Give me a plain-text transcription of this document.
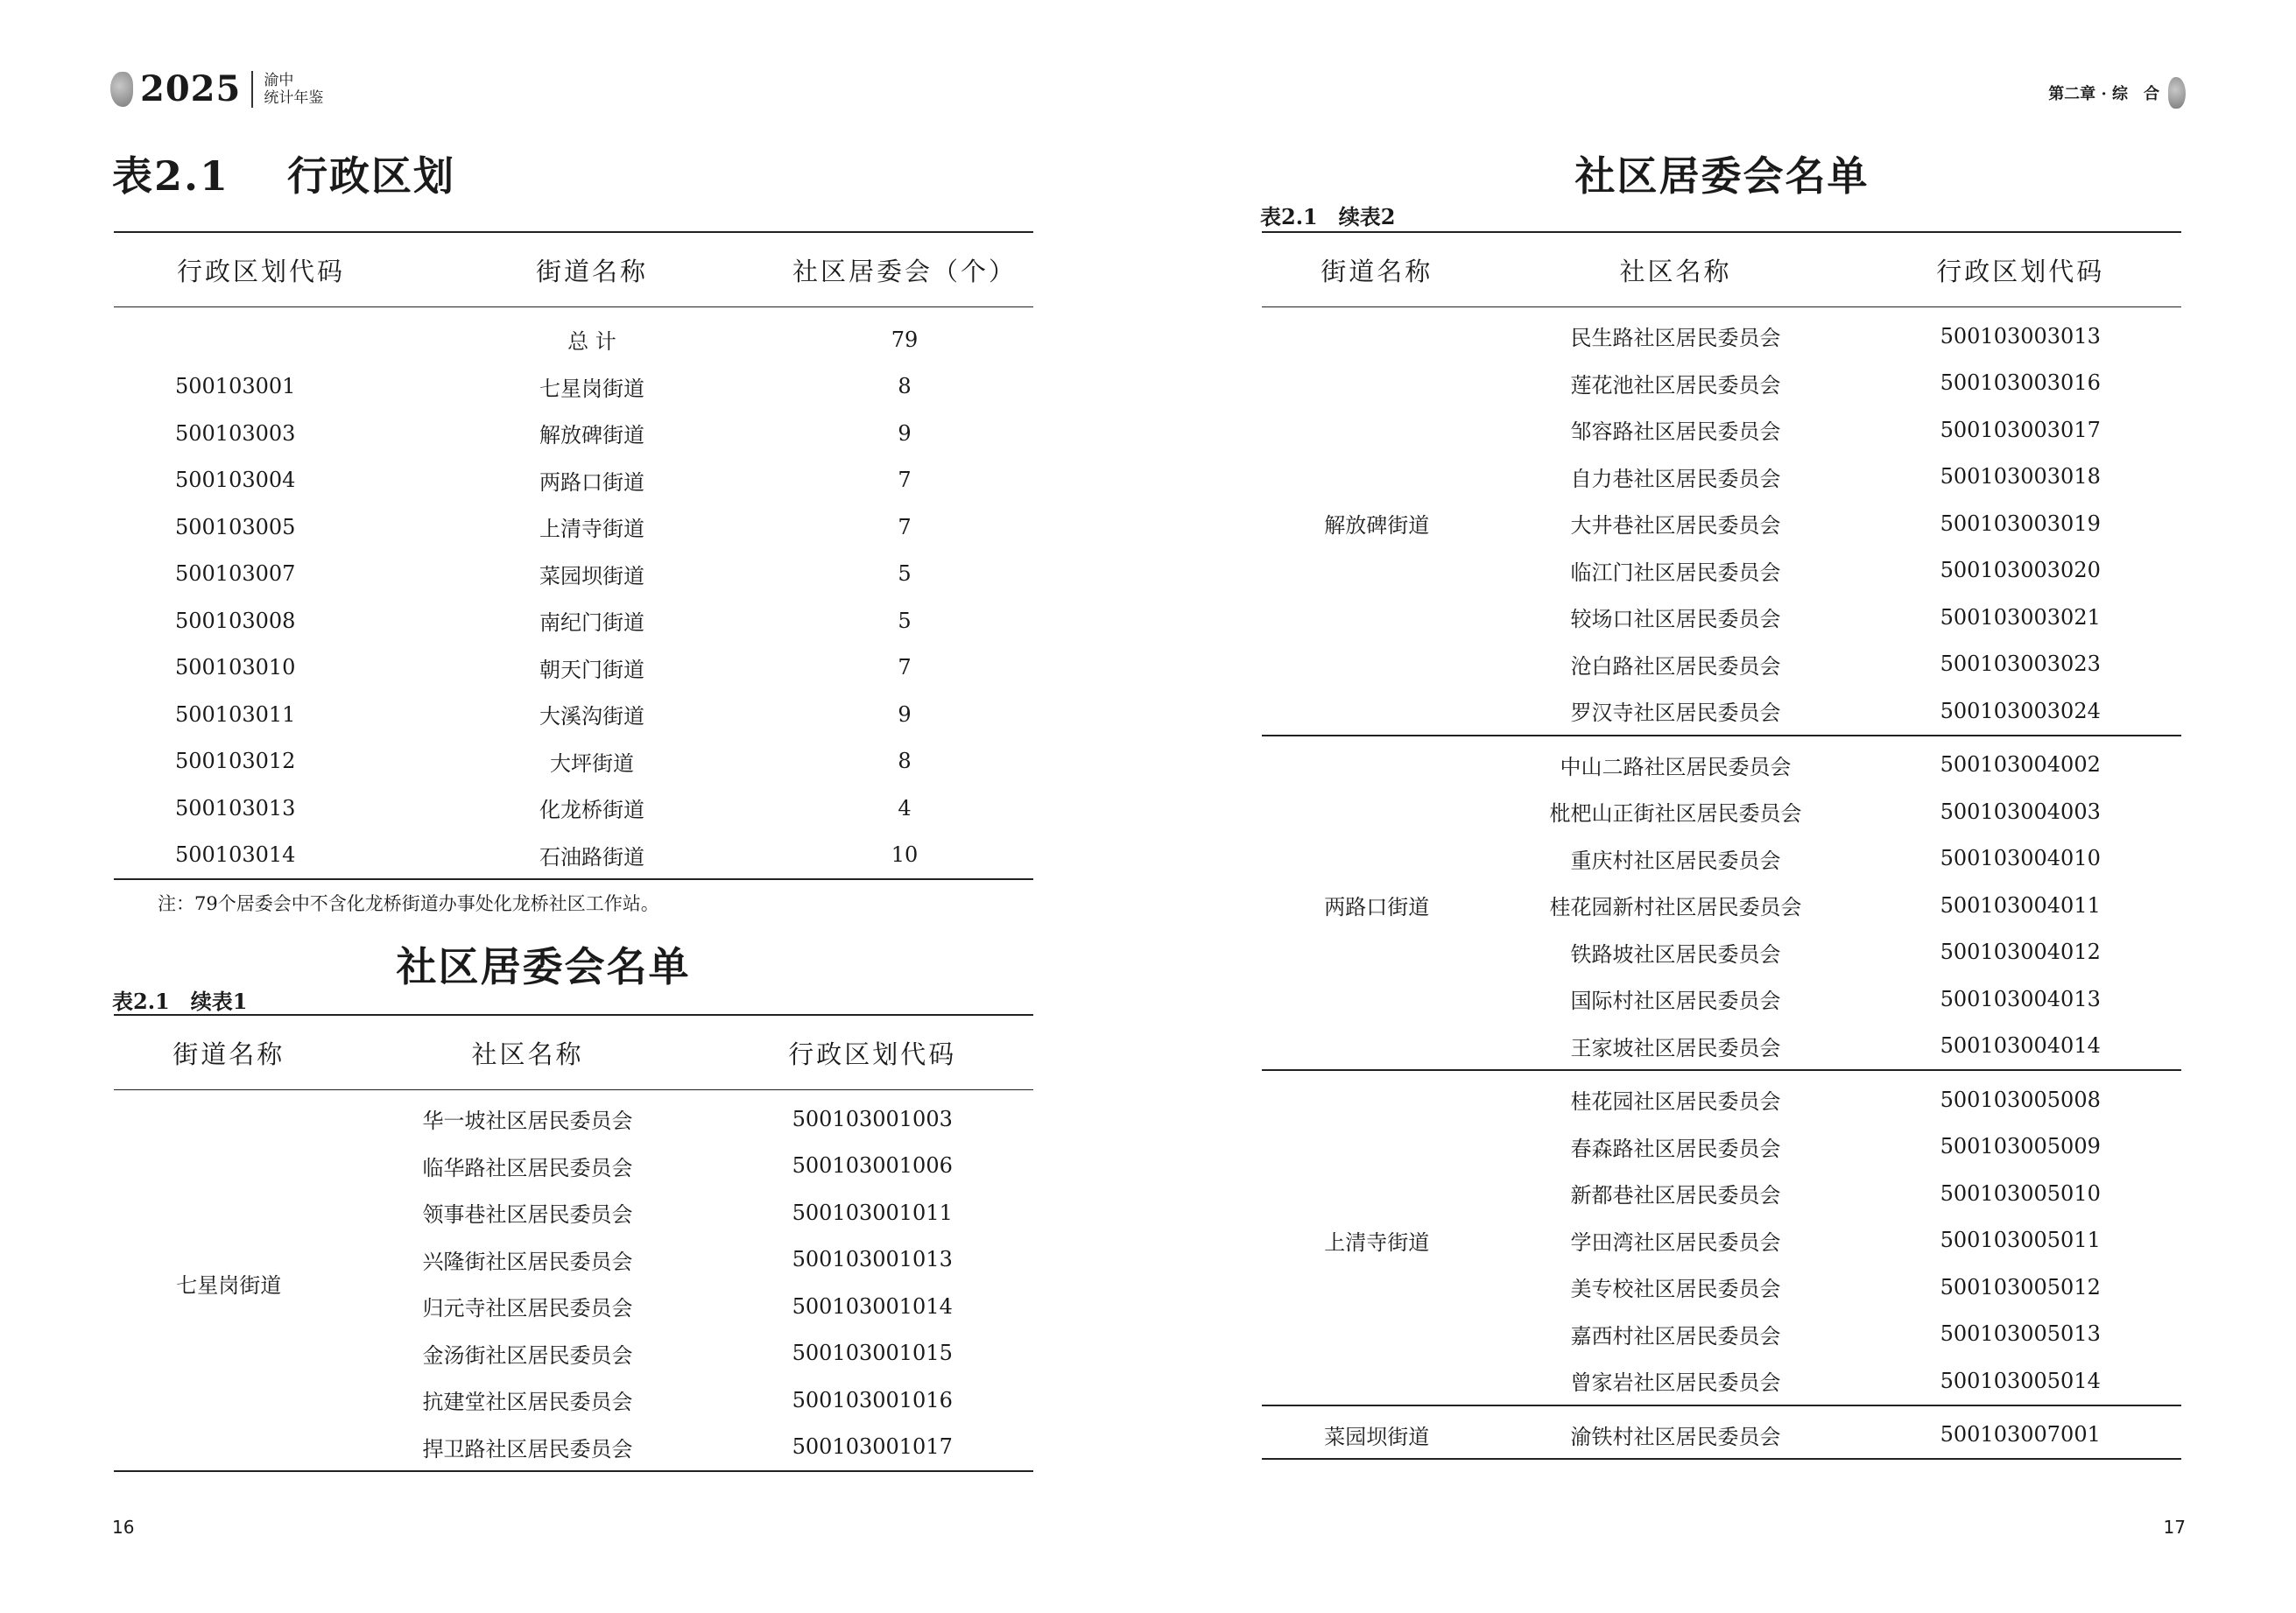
2025 渝中
统计年鉴
表2.1　 行政区划
行政区划代码	街道名称	社区居委会（个）
	总 计	79
500103001	七星岗街道	8
500103003	解放碑街道	9
500103004	两路口街道	7
500103005	上清寺街道	7
500103007	菜园坝街道	5
500103008	南纪门街道	5
500103010	朝天门街道	7
500103011	大溪沟街道	9
500103012	大坪街道	8
500103013	化龙桥街道	4
500103014	石油路街道	10
注：79个居委会中不含化龙桥街道办事处化龙桥社区工作站。
社区居委会名单
表2.1　续表1
街道名称	社区名称	行政区划代码
七星岗街道	华一坡社区居民委员会	500103001003
	临华路社区居民委员会	500103001006
	领事巷社区居民委员会	500103001011
	兴隆街社区居民委员会	500103001013
	归元寺社区居民委员会	500103001014
	金汤街社区居民委员会	500103001015
	抗建堂社区居民委员会	500103001016
	捍卫路社区居民委员会	500103001017
16
第二章 · 综　合
社区居委会名单
表2.1　续表2
街道名称	社区名称	行政区划代码
解放碑街道	民生路社区居民委员会	500103003013
	莲花池社区居民委员会	500103003016
	邹容路社区居民委员会	500103003017
	自力巷社区居民委员会	500103003018
	大井巷社区居民委员会	500103003019
	临江门社区居民委员会	500103003020
	较场口社区居民委员会	500103003021
	沧白路社区居民委员会	500103003023
	罗汉寺社区居民委员会	500103003024
两路口街道	中山二路社区居民委员会	500103004002
	枇杷山正街社区居民委员会	500103004003
	重庆村社区居民委员会	500103004010
	桂花园新村社区居民委员会	500103004011
	铁路坡社区居民委员会	500103004012
	国际村社区居民委员会	500103004013
	王家坡社区居民委员会	500103004014
上清寺街道	桂花园社区居民委员会	500103005008
	春森路社区居民委员会	500103005009
	新都巷社区居民委员会	500103005010
	学田湾社区居民委员会	500103005011
	美专校社区居民委员会	500103005012
	嘉西村社区居民委员会	500103005013
	曾家岩社区居民委员会	500103005014
菜园坝街道	渝铁村社区居民委员会	500103007001
17
